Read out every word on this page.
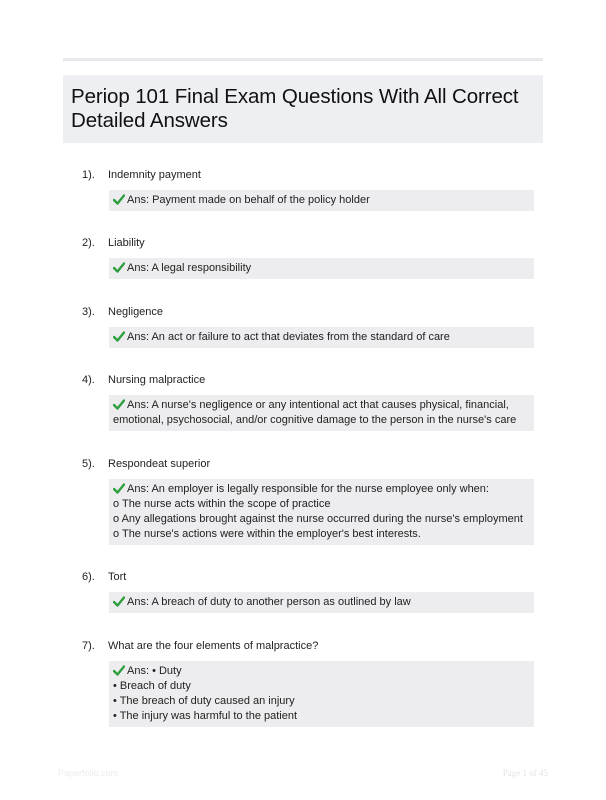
Periop 101 Final Exam Questions With All Correct Detailed Answers
1). Indemnity payment
Ans: Payment made on behalf of the policy holder
2). Liability
Ans: A legal responsibility
3). Negligence
Ans: An act or failure to act that deviates from the standard of care
4). Nursing malpractice
Ans: A nurse's negligence or any intentional act that causes physical, financial,
emotional, psychosocial, and/or cognitive damage to the person in the nurse's care
5). Respondeat superior
Ans: An employer is legally responsible for the nurse employee only when:
o The nurse acts within the scope of practice
o Any allegations brought against the nurse occurred during the nurse's employment
o The nurse's actions were within the employer's best interests.
6). Tort
Ans: A breach of duty to another person as outlined by law
7). What are the four elements of malpractice?
Ans: • Duty
• Breach of duty
• The breach of duty caused an injury
• The injury was harmful to the patient
Paperfolio.com	Page 1 of 45
